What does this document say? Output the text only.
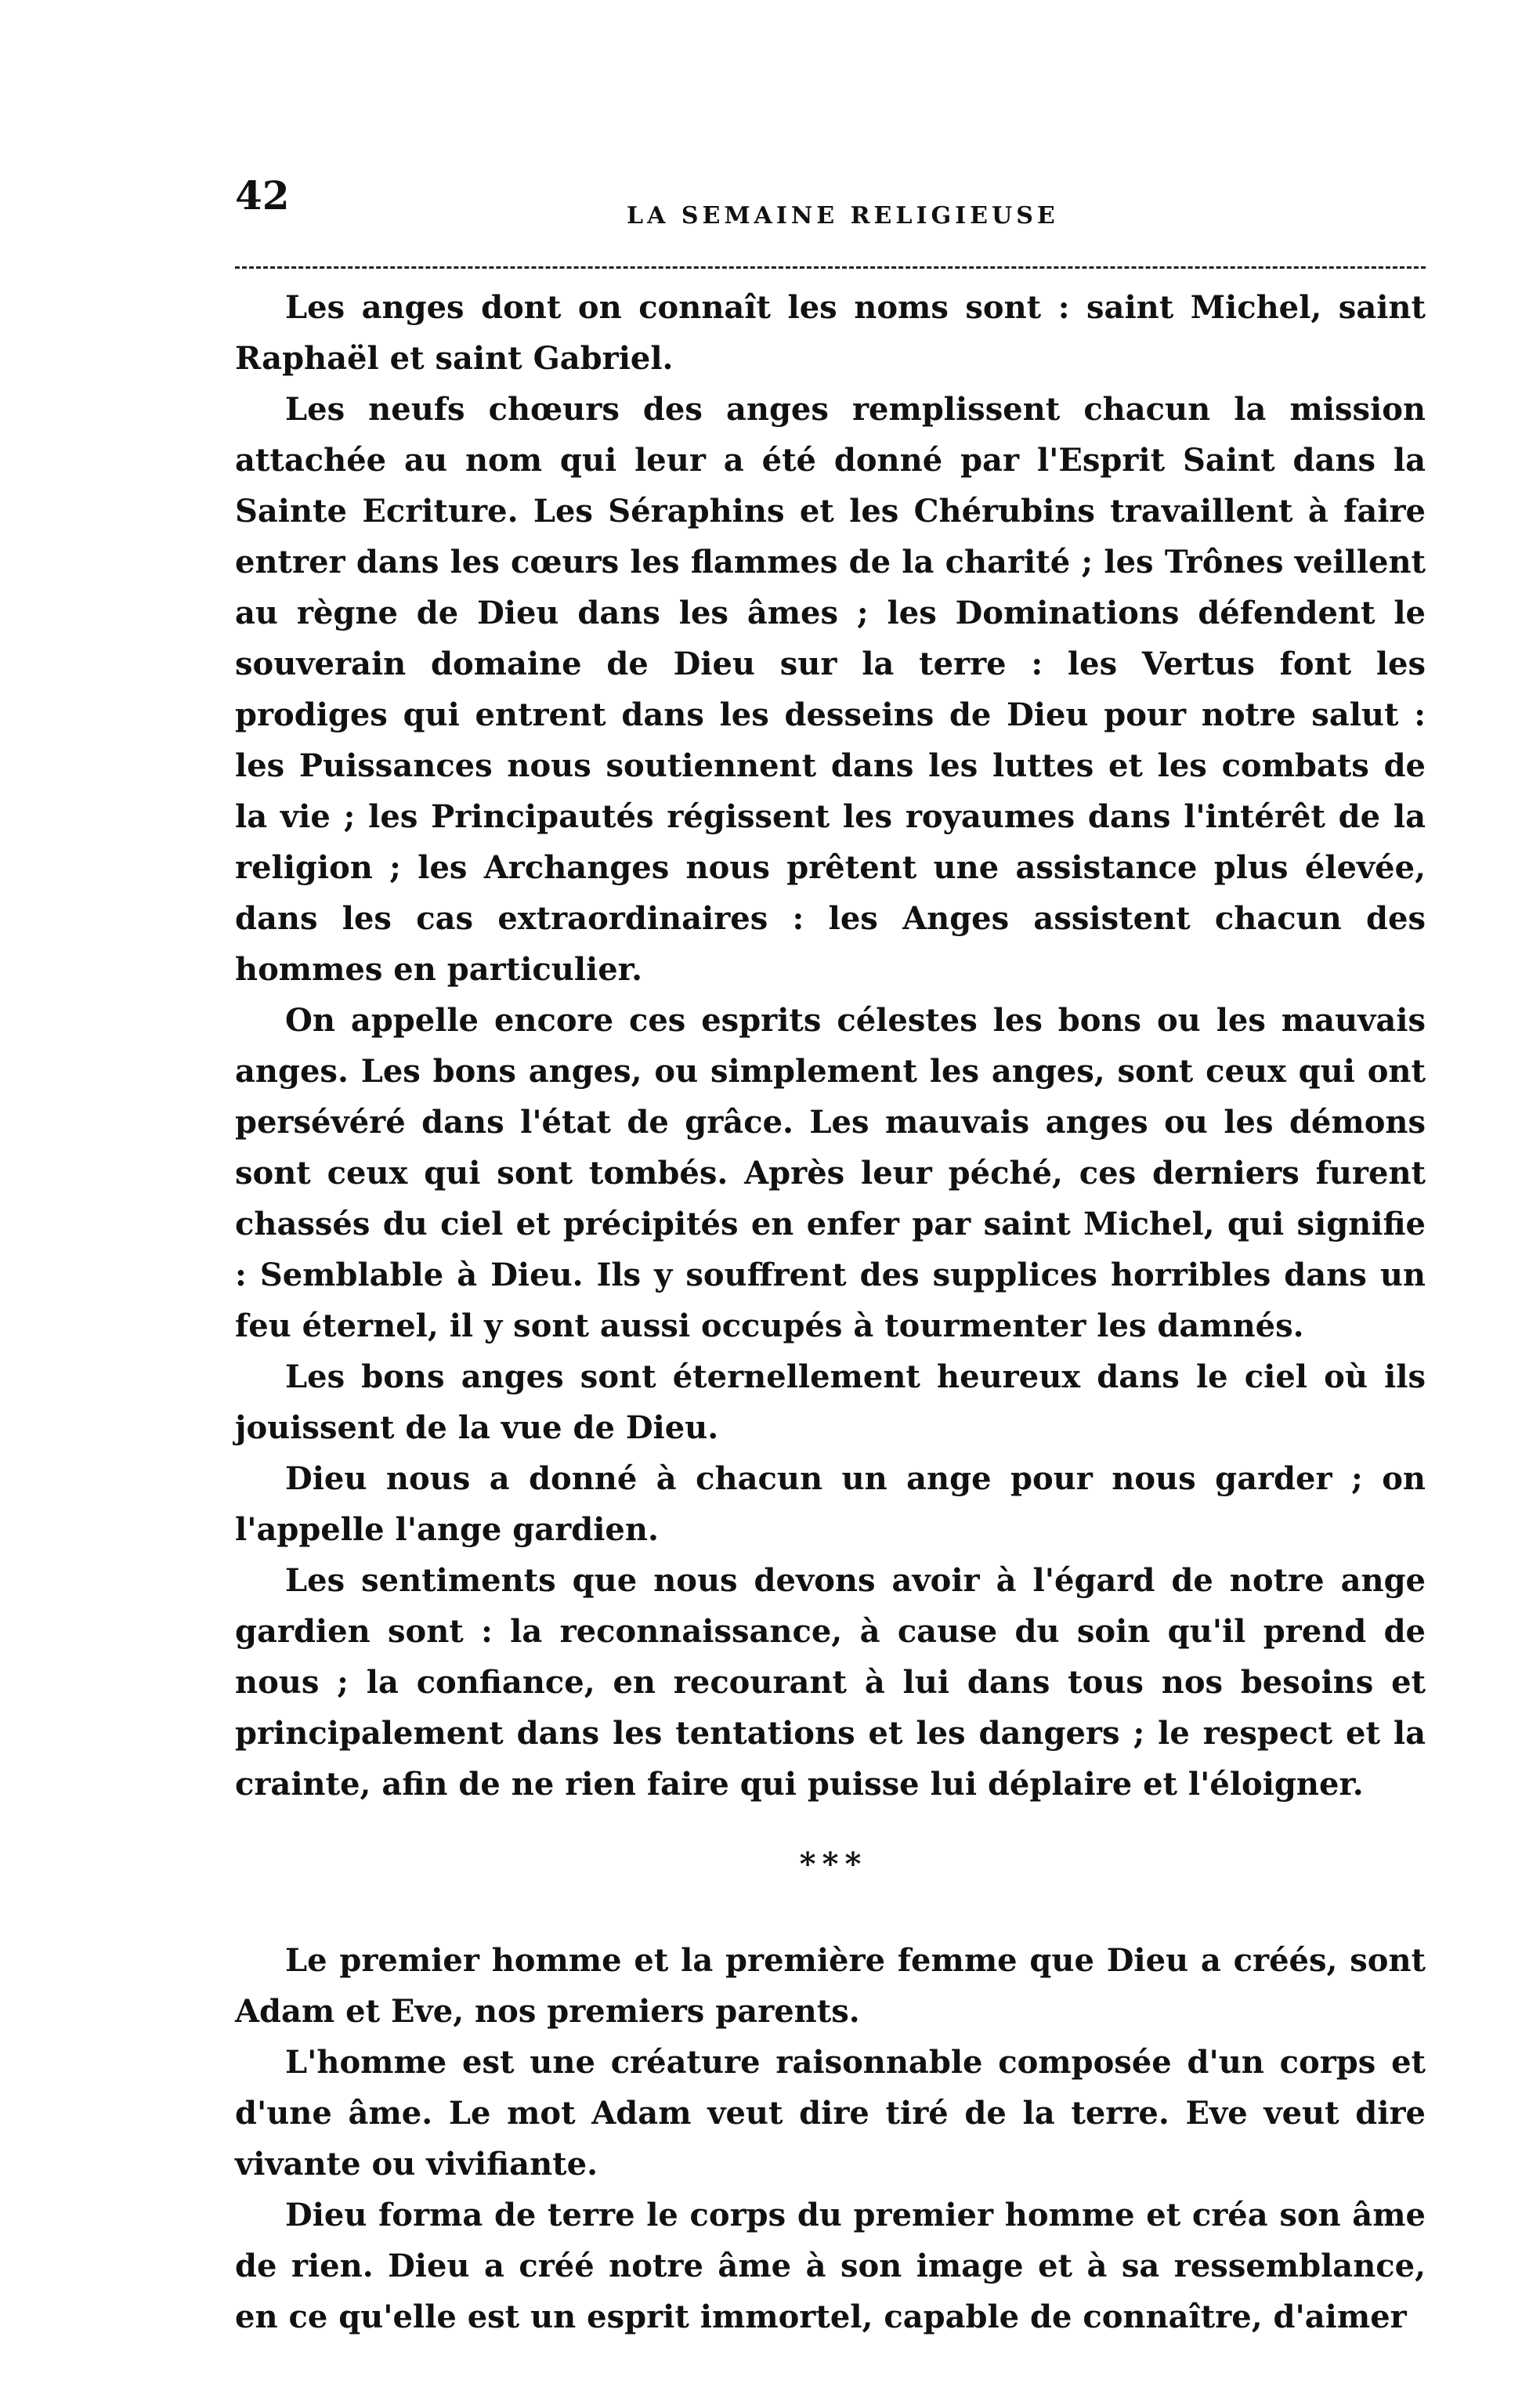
42	LA SEMAINE RELIGIEUSE

Les anges dont on connaît les noms sont : saint Michel, saint Raphaël et saint Gabriel.

Les neufs chœurs des anges remplissent chacun la mission attachée au nom qui leur a été donné par l'Esprit Saint dans la Sainte Ecriture. Les Séraphins et les Chérubins travaillent à faire entrer dans les cœurs les flammes de la charité ; les Trônes veillent au règne de Dieu dans les âmes ; les Dominations défendent le souverain domaine de Dieu sur la terre : les Vertus font les prodiges qui entrent dans les desseins de Dieu pour notre salut : les Puissances nous soutiennent dans les luttes et les combats de la vie ; les Principautés régissent les royaumes dans l'intérêt de la religion ; les Archanges nous prêtent une assistance plus élevée, dans les cas extraordinaires : les Anges assistent chacun des hommes en particulier.

On appelle encore ces esprits célestes les bons ou les mauvais anges. Les bons anges, ou simplement les anges, sont ceux qui ont persévéré dans l'état de grâce. Les mauvais anges ou les démons sont ceux qui sont tombés. Après leur péché, ces derniers furent chassés du ciel et précipités en enfer par saint Michel, qui signifie : Semblable à Dieu. Ils y souffrent des supplices horribles dans un feu éternel, il y sont aussi occupés à tourmenter les damnés.

Les bons anges sont éternellement heureux dans le ciel où ils jouissent de la vue de Dieu.

Dieu nous a donné à chacun un ange pour nous garder ; on l'appelle l'ange gardien.

Les sentiments que nous devons avoir à l'égard de notre ange gardien sont : la reconnaissance, à cause du soin qu'il prend de nous ; la confiance, en recourant à lui dans tous nos besoins et principalement dans les tentations et les dangers ; le respect et la crainte, afin de ne rien faire qui puisse lui déplaire et l'éloigner.

* * *

Le premier homme et la première femme que Dieu a créés, sont Adam et Eve, nos premiers parents.

L'homme est une créature raisonnable composée d'un corps et d'une âme. Le mot Adam veut dire tiré de la terre. Eve veut dire vivante ou vivifiante.

Dieu forma de terre le corps du premier homme et créa son âme de rien. Dieu a créé notre âme à son image et à sa ressemblance, en ce qu'elle est un esprit immortel, capable de connaître, d'aimer
